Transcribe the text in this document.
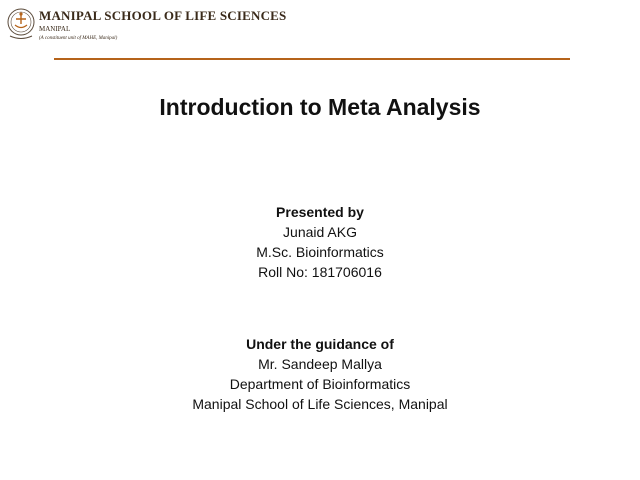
MANIPAL SCHOOL OF LIFE SCIENCES
MANIPAL
(A constituent unit of MAHE, Manipal)
Introduction to Meta Analysis
Presented by
Junaid AKG
M.Sc. Bioinformatics
Roll No: 181706016
Under the guidance of
Mr. Sandeep Mallya
Department of Bioinformatics
Manipal School of Life Sciences, Manipal
